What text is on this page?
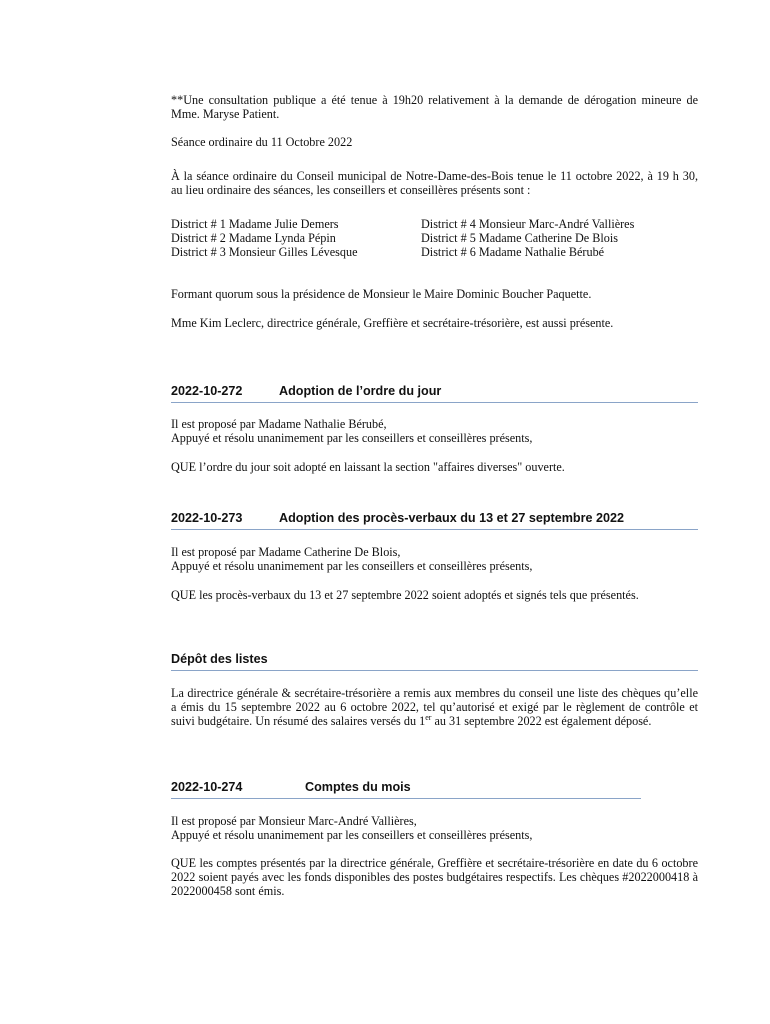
**Une consultation publique a été tenue à 19h20 relativement à la demande de dérogation mineure de Mme. Maryse Patient.

Séance ordinaire du 11 Octobre 2022

À la séance ordinaire du Conseil municipal de Notre-Dame-des-Bois tenue le 11 octobre 2022, à 19 h 30, au lieu ordinaire des séances, les conseillers et conseillères présents sont :

District # 1 Madame Julie Demers	District # 4 Monsieur Marc-André Vallières
District # 2 Madame Lynda Pépin	District # 5 Madame Catherine De Blois
District # 3 Monsieur Gilles Lévesque	District # 6 Madame Nathalie Bérubé

Formant quorum sous la présidence de Monsieur le Maire Dominic Boucher Paquette.

Mme Kim Leclerc, directrice générale, Greffière et secrétaire-trésorière, est aussi présente.

2022-10-272	Adoption de l’ordre du jour

Il est proposé par Madame Nathalie Bérubé,

Appuyé et résolu unanimement par les conseillers et conseillères présents,

QUE l’ordre du jour soit adopté en laissant la section "affaires diverses" ouverte.

2022-10-273	Adoption des procès-verbaux du 13 et 27 septembre 2022

Il est proposé par Madame Catherine De Blois,

Appuyé et résolu unanimement par les conseillers et conseillères présents,

QUE les procès-verbaux du 13 et 27 septembre 2022 soient adoptés et signés tels que présentés.

Dépôt des listes

La directrice générale & secrétaire-trésorière a remis aux membres du conseil une liste des chèques qu’elle a émis du 15 septembre 2022 au 6 octobre 2022, tel qu’autorisé et exigé par le règlement de contrôle et suivi budgétaire. Un résumé des salaires versés du 1er au 31 septembre 2022 est également déposé.

2022-10-274	Comptes du mois

Il est proposé par Monsieur Marc-André Vallières,

Appuyé et résolu unanimement par les conseillers et conseillères présents,

QUE les comptes présentés par la directrice générale, Greffière et secrétaire-trésorière en date du 6 octobre 2022 soient payés avec les fonds disponibles des postes budgétaires respectifs. Les chèques #2022000418 à 2022000458 sont émis.
